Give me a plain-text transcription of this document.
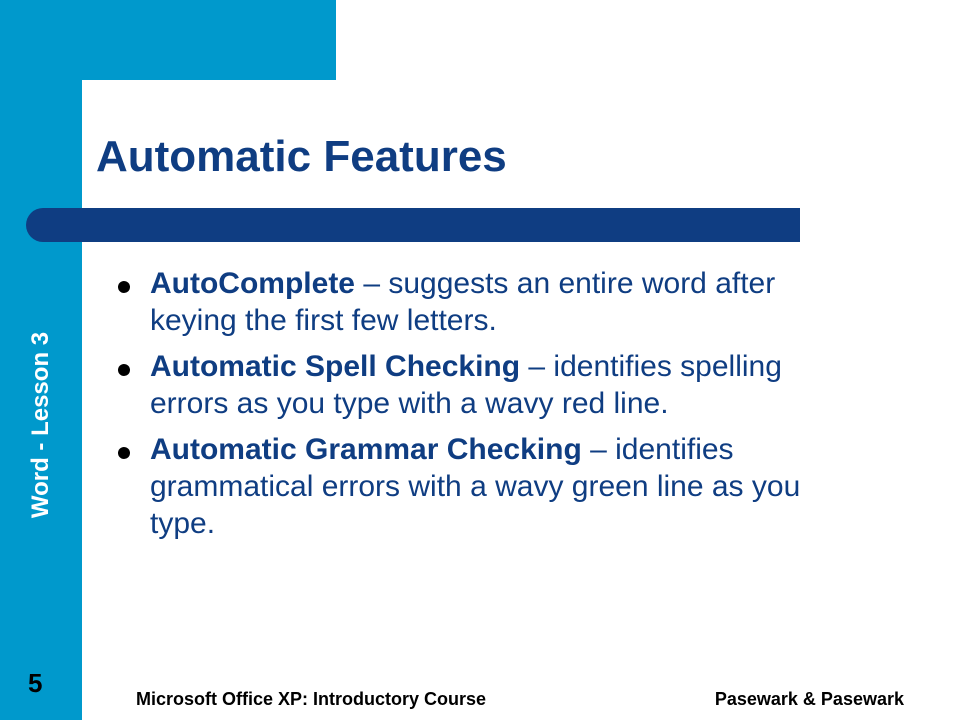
Automatic Features
AutoComplete – suggests an entire word after keying the first few letters.
Automatic Spell Checking – identifies spelling errors as you type with a wavy red line.
Automatic Grammar Checking – identifies grammatical errors with a wavy green line as you type.
Word - Lesson 3
5
Microsoft Office XP: Introductory Course	Pasewark & Pasewark
